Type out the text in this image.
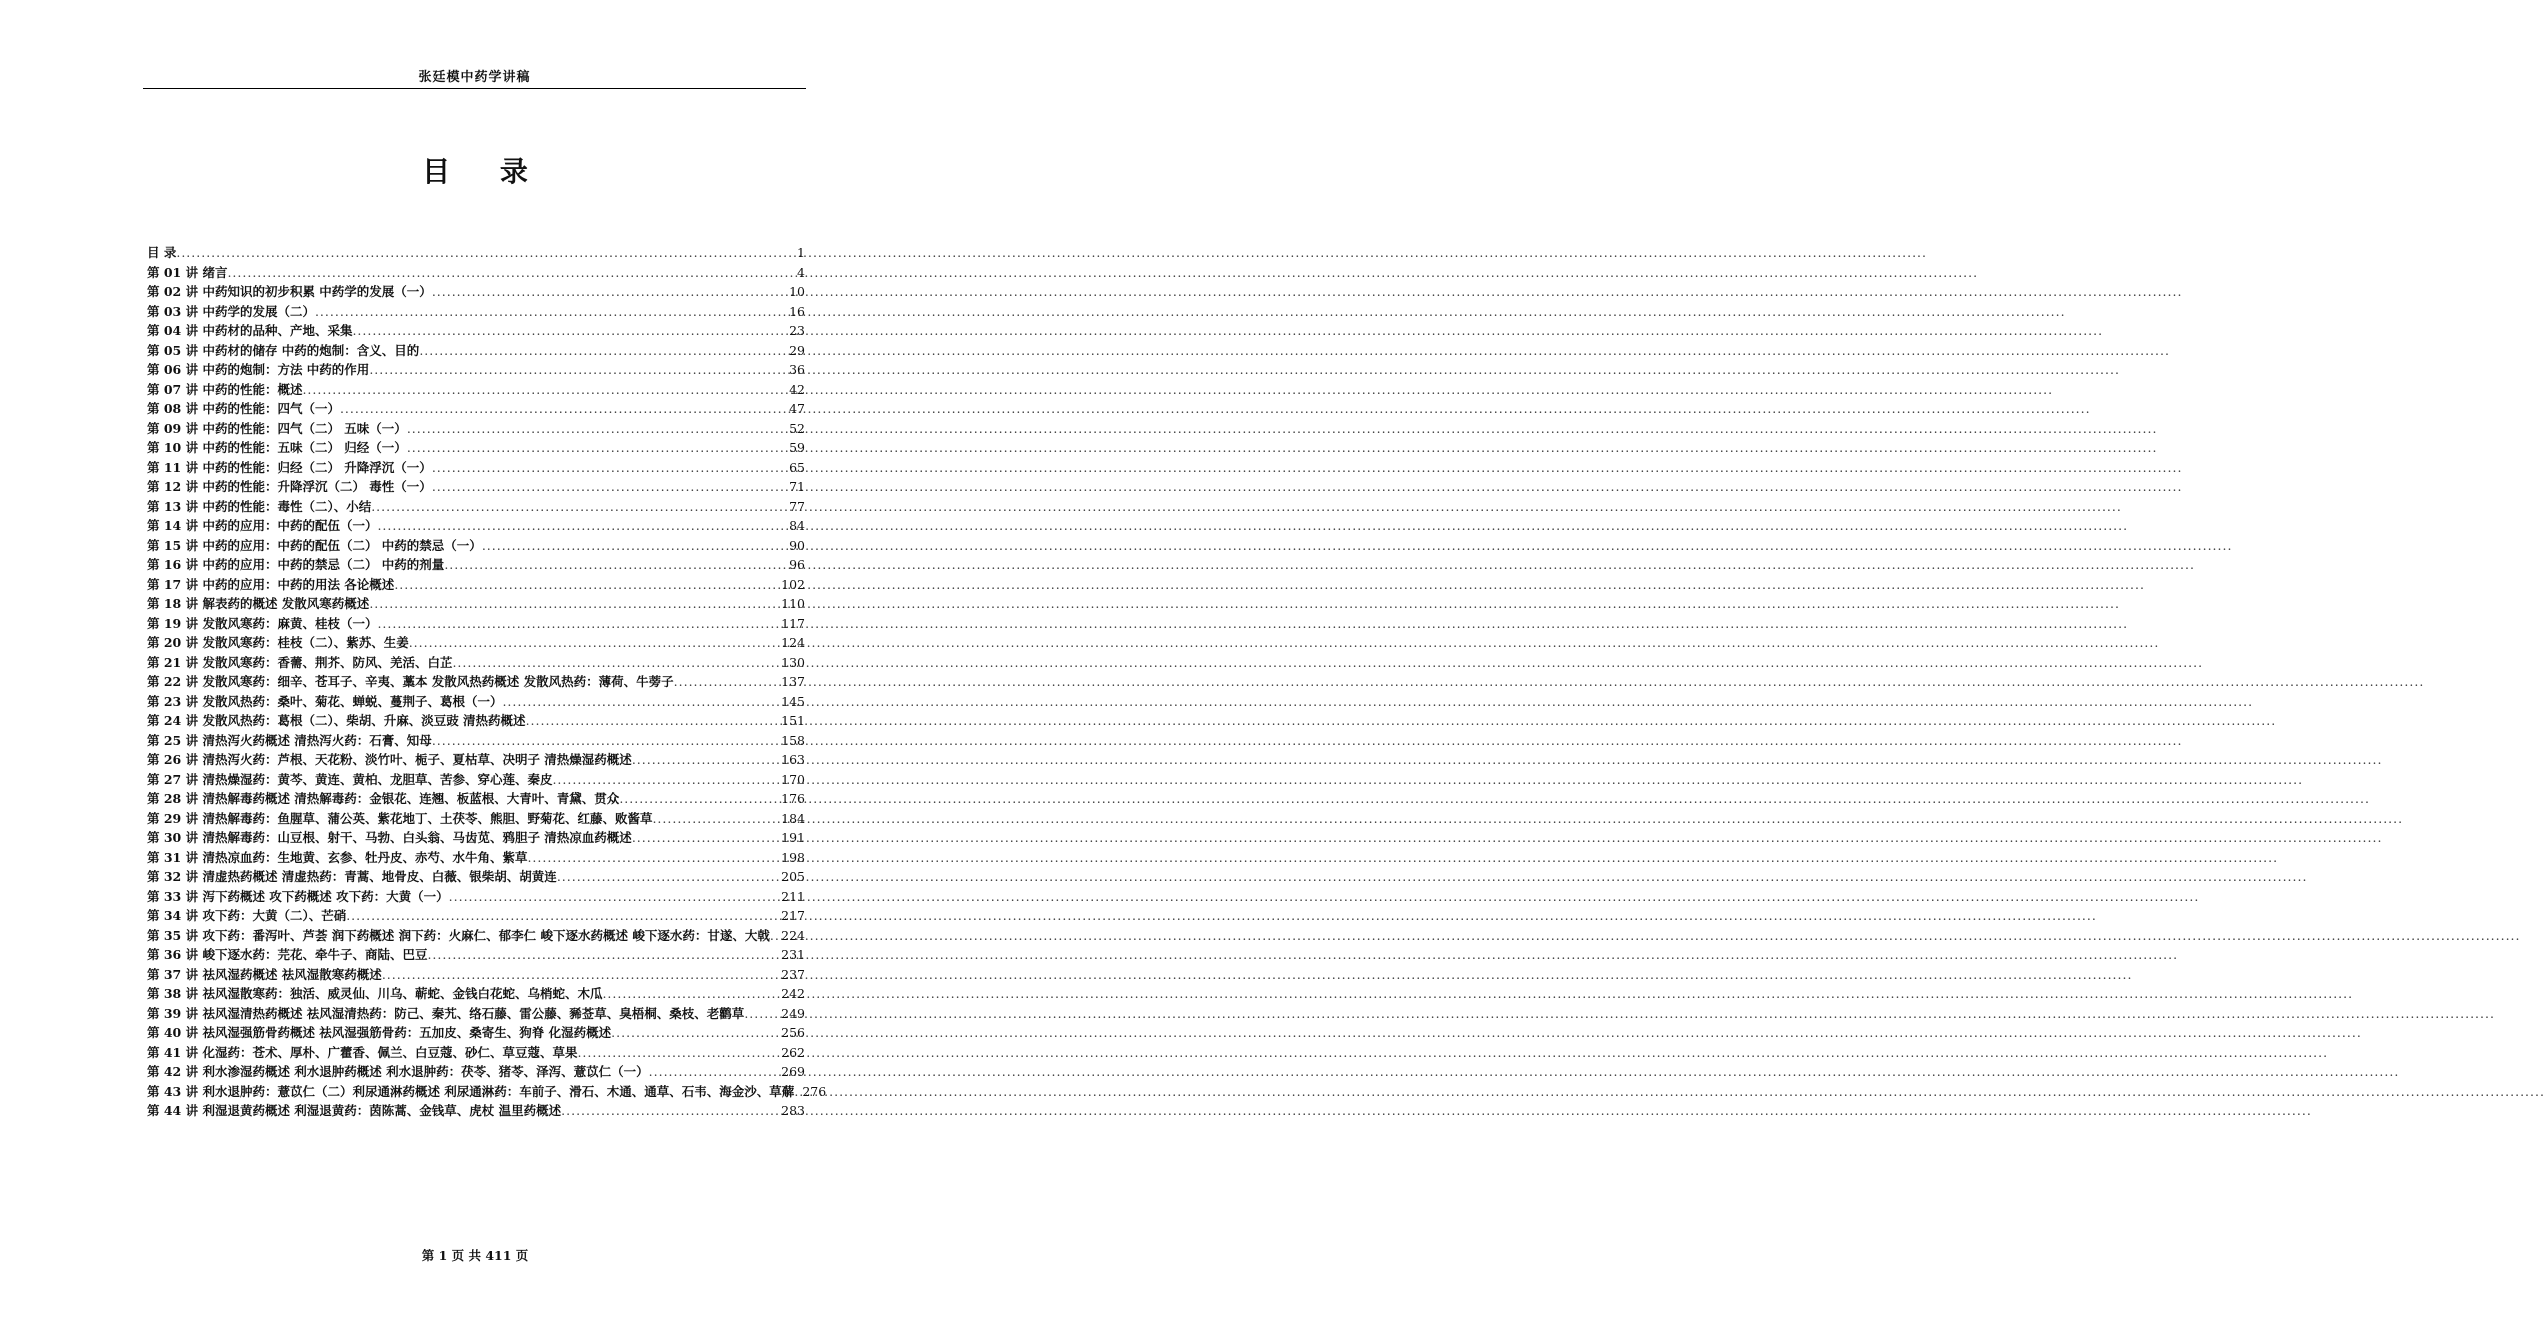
张廷模中药学讲稿
目 录
目 录 .....	1
第 01 讲 绪言 .....	4
第 02 讲 中药知识的初步积累 中药学的发展（一） .....	10
第 03 讲 中药学的发展（二） .....	16
第 04 讲 中药材的品种、产地、采集 .....	23
第 05 讲 中药材的储存 中药的炮制：含义、目的 .....	29
第 06 讲 中药的炮制：方法 中药的作用 .....	36
第 07 讲 中药的性能：概述 .....	42
第 08 讲 中药的性能：四气（一） .....	47
第 09 讲 中药的性能：四气（二） 五味（一） .....	52
第 10 讲 中药的性能：五味（二） 归经（一） .....	59
第 11 讲 中药的性能：归经（二） 升降浮沉（一） .....	65
第 12 讲 中药的性能：升降浮沉（二） 毒性（一） .....	71
第 13 讲 中药的性能：毒性（二）、小结 .....	77
第 14 讲 中药的应用：中药的配伍（一） .....	84
第 15 讲 中药的应用：中药的配伍（二） 中药的禁忌（一） .....	90
第 16 讲 中药的应用：中药的禁忌（二） 中药的剂量 .....	96
第 17 讲 中药的应用：中药的用法 各论概述 .....	102
第 18 讲 解表药的概述 发散风寒药概述 .....	110
第 19 讲 发散风寒药：麻黄、桂枝（一） .....	117
第 20 讲 发散风寒药：桂枝（二）、紫苏、生姜 .....	124
第 21 讲 发散风寒药：香薷、荆芥、防风、羌活、白芷 .....	130
第 22 讲 发散风寒药：细辛、苍耳子、辛夷、藁本 发散风热药概述 发散风热药：薄荷、牛蒡子 .....	137
第 23 讲 发散风热药：桑叶、菊花、蝉蜕、蔓荆子、葛根（一） .....	145
第 24 讲 发散风热药：葛根（二）、柴胡、升麻、淡豆豉 清热药概述 .....	151
第 25 讲 清热泻火药概述 清热泻火药：石膏、知母 .....	158
第 26 讲 清热泻火药：芦根、天花粉、淡竹叶、栀子、夏枯草、决明子 清热燥湿药概述 .....	163
第 27 讲 清热燥湿药：黄芩、黄连、黄柏、龙胆草、苦参、穿心莲、秦皮 .....	170
第 28 讲 清热解毒药概述 清热解毒药：金银花、连翘、板蓝根、大青叶、青黛、贯众 .....	176
第 29 讲 清热解毒药：鱼腥草、蒲公英、紫花地丁、土茯苓、熊胆、野菊花、红藤、败酱草 .....	184
第 30 讲 清热解毒药：山豆根、射干、马勃、白头翁、马齿苋、鸦胆子 清热凉血药概述 .....	191
第 31 讲 清热凉血药：生地黄、玄参、牡丹皮、赤芍、水牛角、紫草 .....	198
第 32 讲 清虚热药概述 清虚热药：青蒿、地骨皮、白薇、银柴胡、胡黄连 .....	205
第 33 讲 泻下药概述 攻下药概述 攻下药：大黄（一） .....	211
第 34 讲 攻下药：大黄（二）、芒硝 .....	217
第 35 讲 攻下药：番泻叶、芦荟 润下药概述 润下药：火麻仁、郁李仁 峻下逐水药概述 峻下逐水药：甘遂、大戟 ..... 224
第 36 讲 峻下逐水药：芫花、牵牛子、商陆、巴豆 .....	231
第 37 讲 祛风湿药概述 祛风湿散寒药概述 .....	237
第 38 讲 祛风湿散寒药：独活、威灵仙、川乌、蕲蛇、金钱白花蛇、乌梢蛇、木瓜 .....	242
第 39 讲 祛风湿清热药概述 祛风湿清热药：防己、秦艽、络石藤、雷公藤、豨莶草、臭梧桐、桑枝、老鹳草 .....	249
第 40 讲 祛风湿强筋骨药概述 祛风湿强筋骨药：五加皮、桑寄生、狗脊 化湿药概述 .....	256
第 41 讲 化湿药：苍术、厚朴、广藿香、佩兰、白豆蔻、砂仁、草豆蔻、草果 .....	262
第 42 讲 利水渗湿药概述 利水退肿药概述 利水退肿药：茯苓、猪苓、泽泻、薏苡仁（一） .....	269
第 43 讲 利水退肿药：薏苡仁（二）利尿通淋药概述 利尿通淋药：车前子、滑石、木通、通草、石韦、海金沙、草薢 ..... 276
第 44 讲 利湿退黄药概述 利湿退黄药：茵陈蒿、金钱草、虎杖 温里药概述 .....	283
第 1 页 共 411 页
